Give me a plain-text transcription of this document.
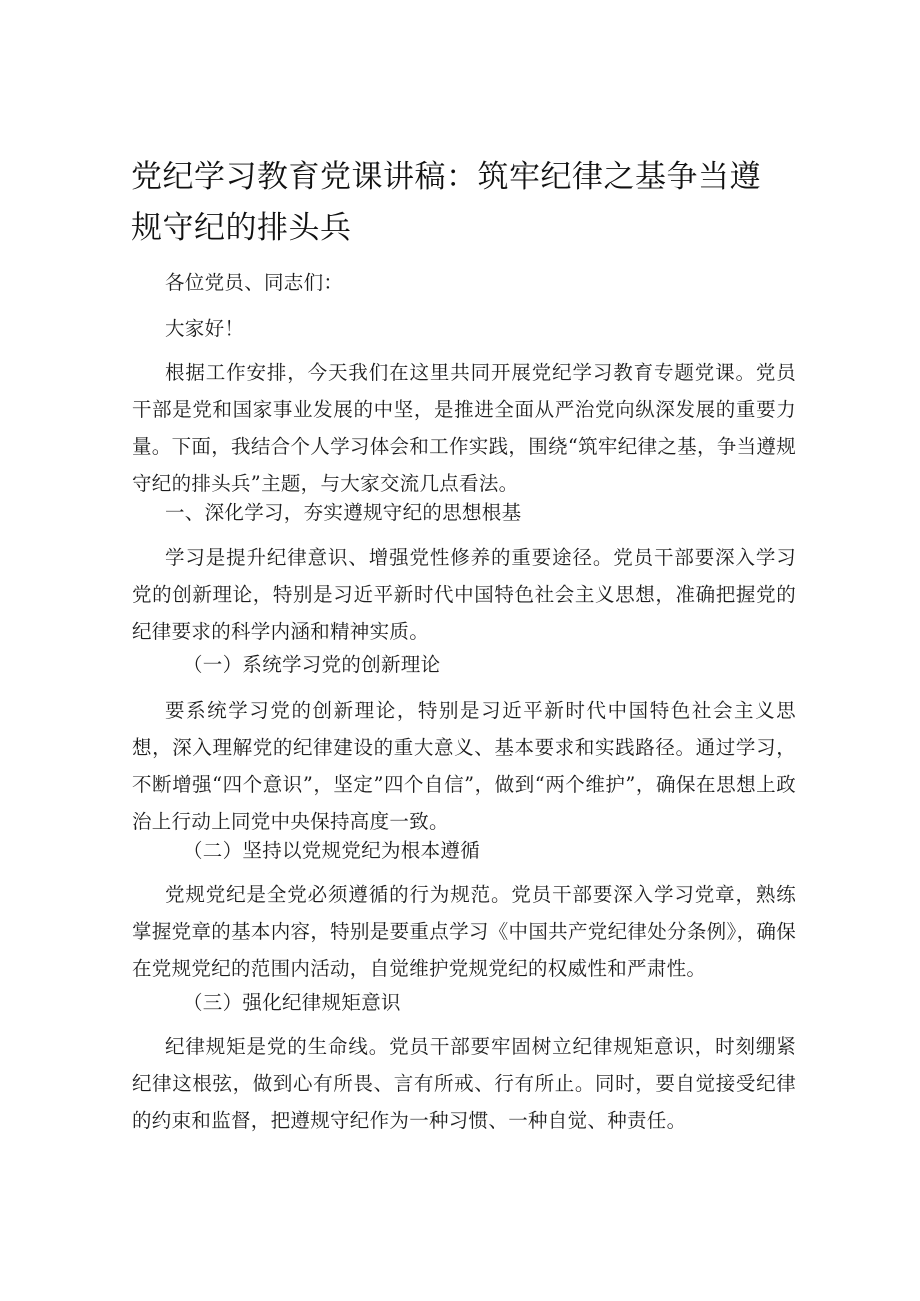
党纪学习教育党课讲稿：筑牢纪律之基争当遵规守纪的排头兵

各位党员、同志们：

大家好！

根据工作安排，今天我们在这里共同开展党纪学习教育专题党课。党员干部是党和国家事业发展的中坚，是推进全面从严治党向纵深发展的重要力量。下面，我结合个人学习体会和工作实践，围绕“筑牢纪律之基，争当遵规守纪的排头兵”主题，与大家交流几点看法。

一、深化学习，夯实遵规守纪的思想根基

学习是提升纪律意识、增强党性修养的重要途径。党员干部要深入学习党的创新理论，特别是习近平新时代中国特色社会主义思想，准确把握党的纪律要求的科学内涵和精神实质。

（一）系统学习党的创新理论

要系统学习党的创新理论，特别是习近平新时代中国特色社会主义思想，深入理解党的纪律建设的重大意义、基本要求和实践路径。通过学习，不断增强“四个意识”，坚定”四个自信”，做到“两个维护”，确保在思想上政治上行动上同党中央保持高度一致。

（二）坚持以党规党纪为根本遵循

党规党纪是全党必须遵循的行为规范。党员干部要深入学习党章，熟练掌握党章的基本内容，特别是要重点学习《中国共产党纪律处分条例》，确保在党规党纪的范围内活动，自觉维护党规党纪的权威性和严肃性。

（三）强化纪律规矩意识

纪律规矩是党的生命线。党员干部要牢固树立纪律规矩意识，时刻绷紧纪律这根弦，做到心有所畏、言有所戒、行有所止。同时，要自觉接受纪律的约束和监督，把遵规守纪作为一种习惯、一种自觉、种责任。
